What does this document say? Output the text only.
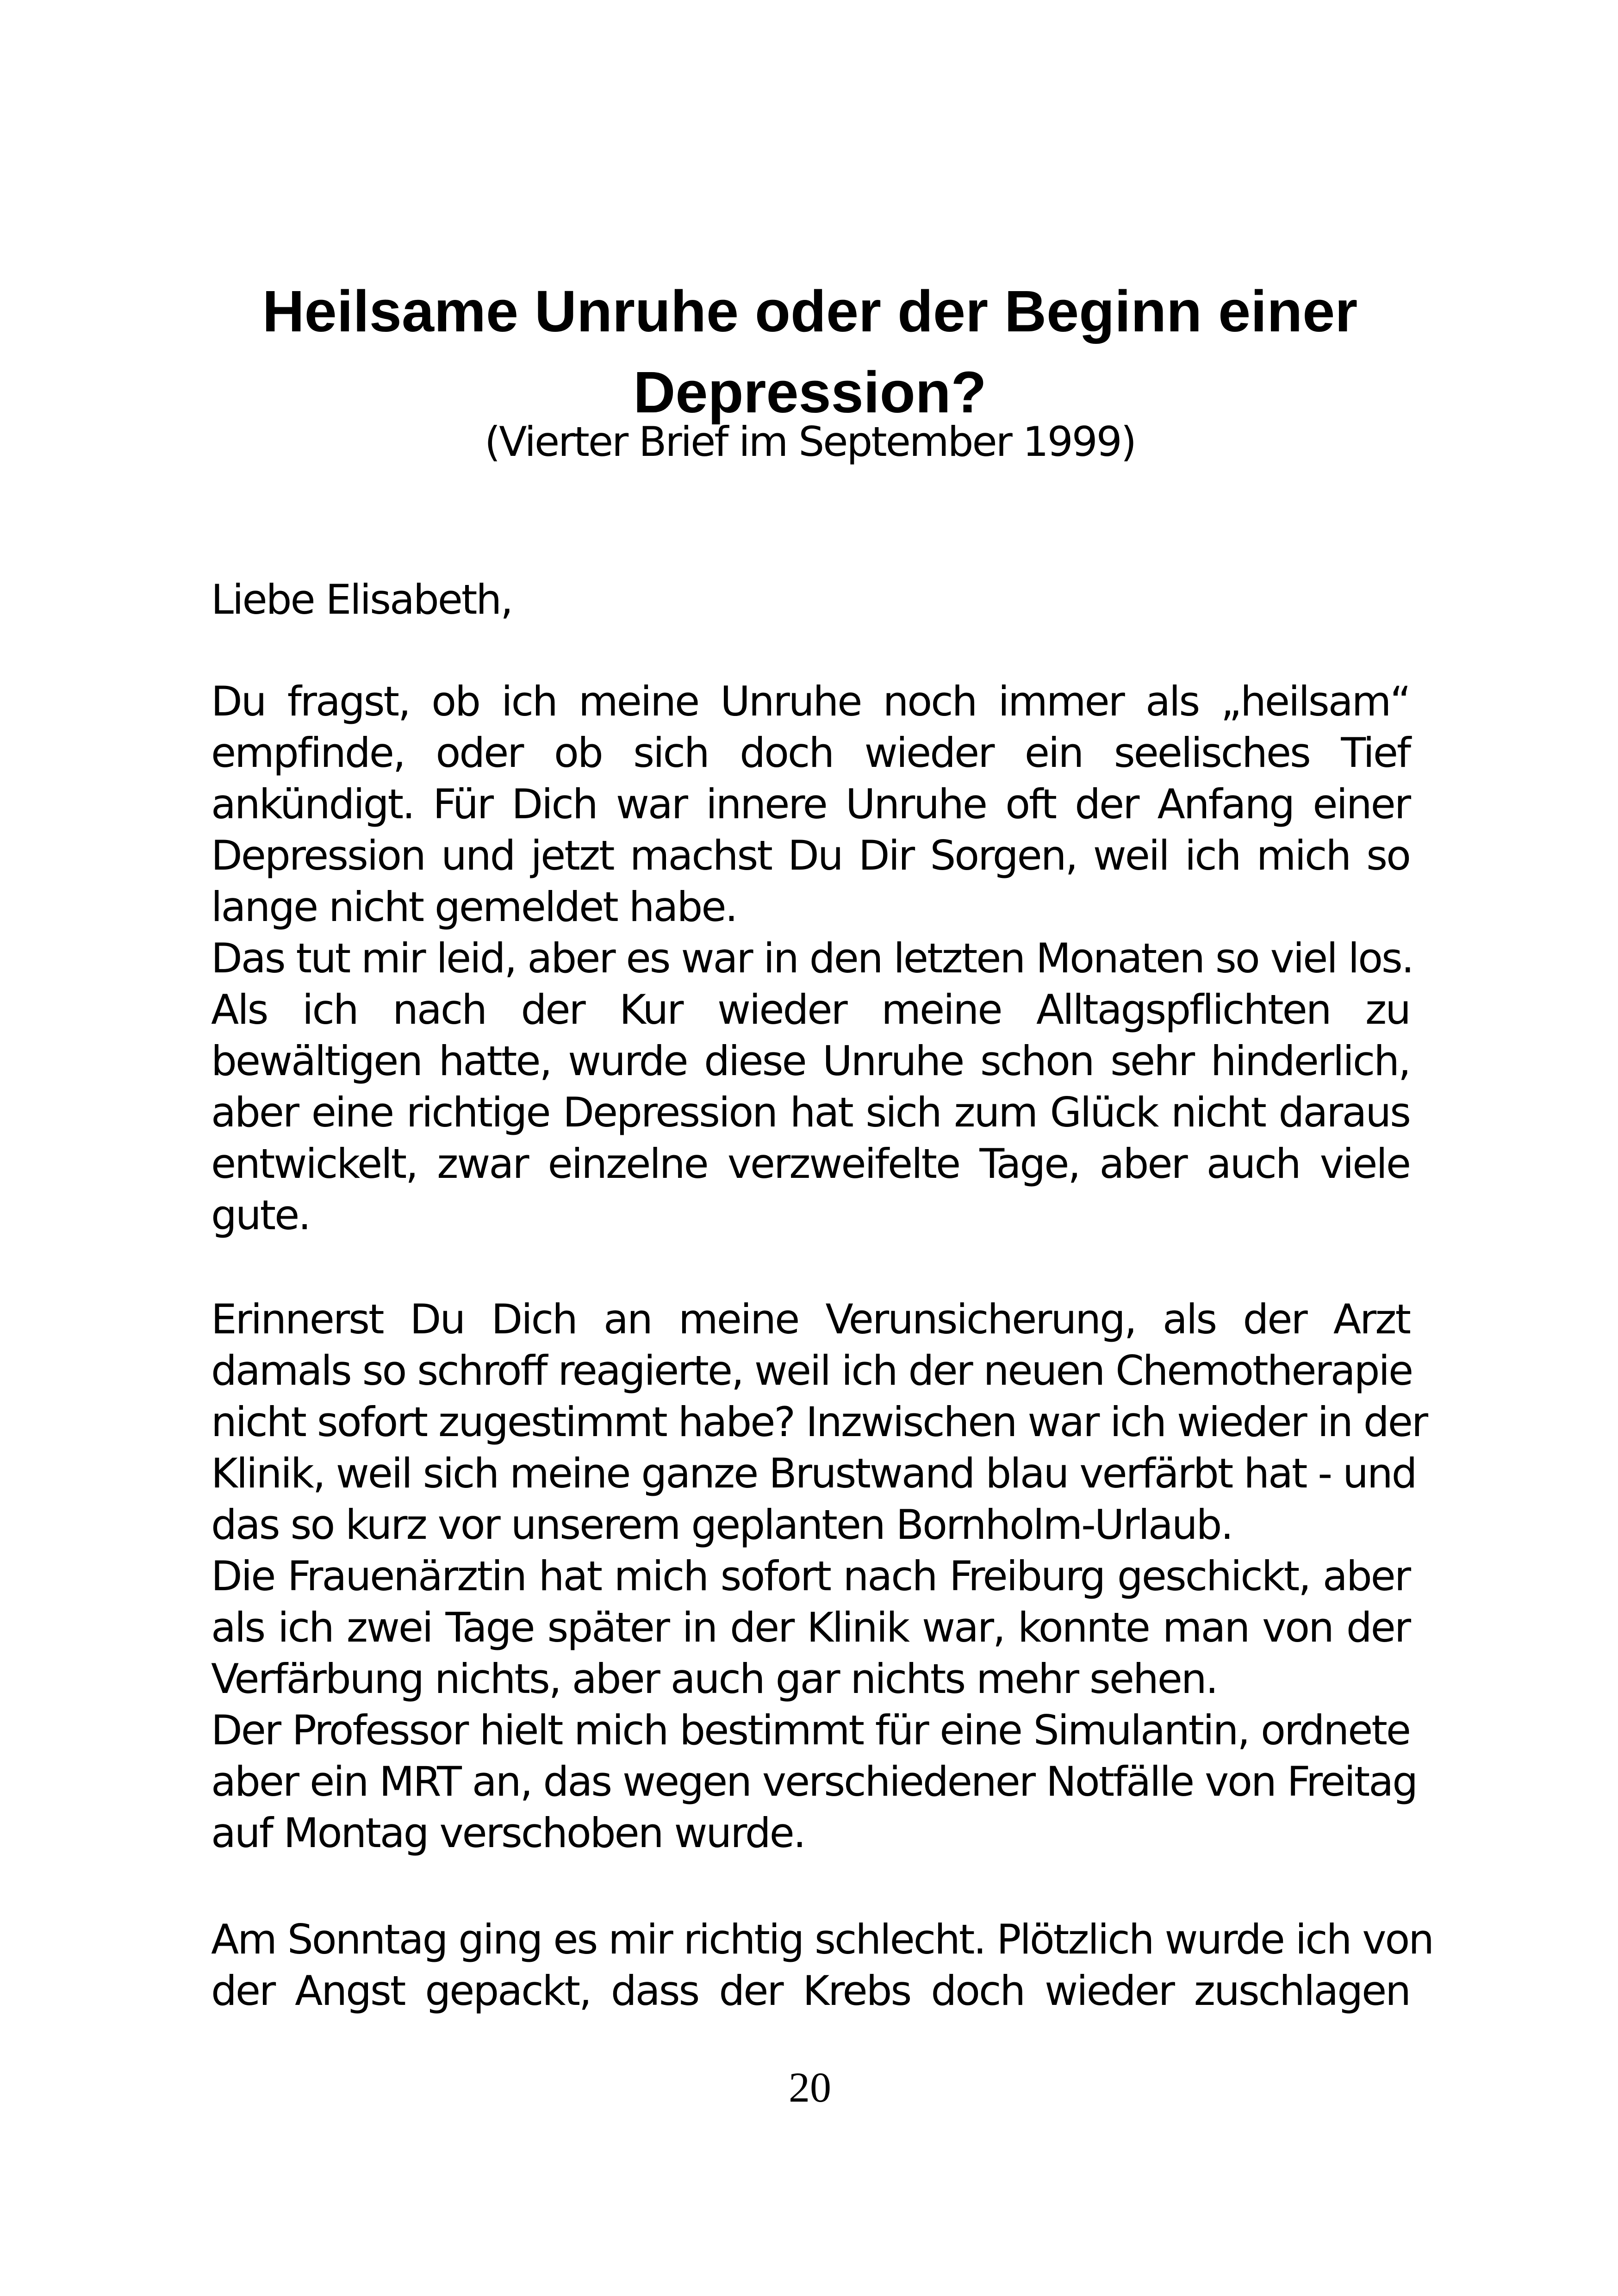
Heilsame Unruhe oder der Beginn einer
Depression?

(Vierter Brief im September 1999)

Liebe Elisabeth,

Du fragst, ob ich meine Unruhe noch immer als „heilsam“
empfinde, oder ob sich doch wieder ein seelisches Tief
ankündigt. Für Dich war innere Unruhe oft der Anfang einer
Depression und jetzt machst Du Dir Sorgen, weil ich mich so
lange nicht gemeldet habe.
Das tut mir leid, aber es war in den letzten Monaten so viel los.
Als ich nach der Kur wieder meine Alltagspflichten zu
bewältigen hatte, wurde diese Unruhe schon sehr hinderlich,
aber eine richtige Depression hat sich zum Glück nicht daraus
entwickelt, zwar einzelne verzweifelte Tage, aber auch viele
gute.
Erinnerst Du Dich an meine Verunsicherung, als der Arzt
damals so schroff reagierte, weil ich der neuen Chemotherapie
nicht sofort zugestimmt habe? Inzwischen war ich wieder in der
Klinik, weil sich meine ganze Brustwand blau verfärbt hat - und
das so kurz vor unserem geplanten Bornholm-Urlaub.
Die Frauenärztin hat mich sofort nach Freiburg geschickt, aber
als ich zwei Tage später in der Klinik war, konnte man von der
Verfärbung nichts, aber auch gar nichts mehr sehen.
Der Professor hielt mich bestimmt für eine Simulantin, ordnete
aber ein MRT an, das wegen verschiedener Notfälle von Freitag
auf Montag verschoben wurde.
Am Sonntag ging es mir richtig schlecht. Plötzlich wurde ich von
der Angst gepackt, dass der Krebs doch wieder zuschlagen

20
